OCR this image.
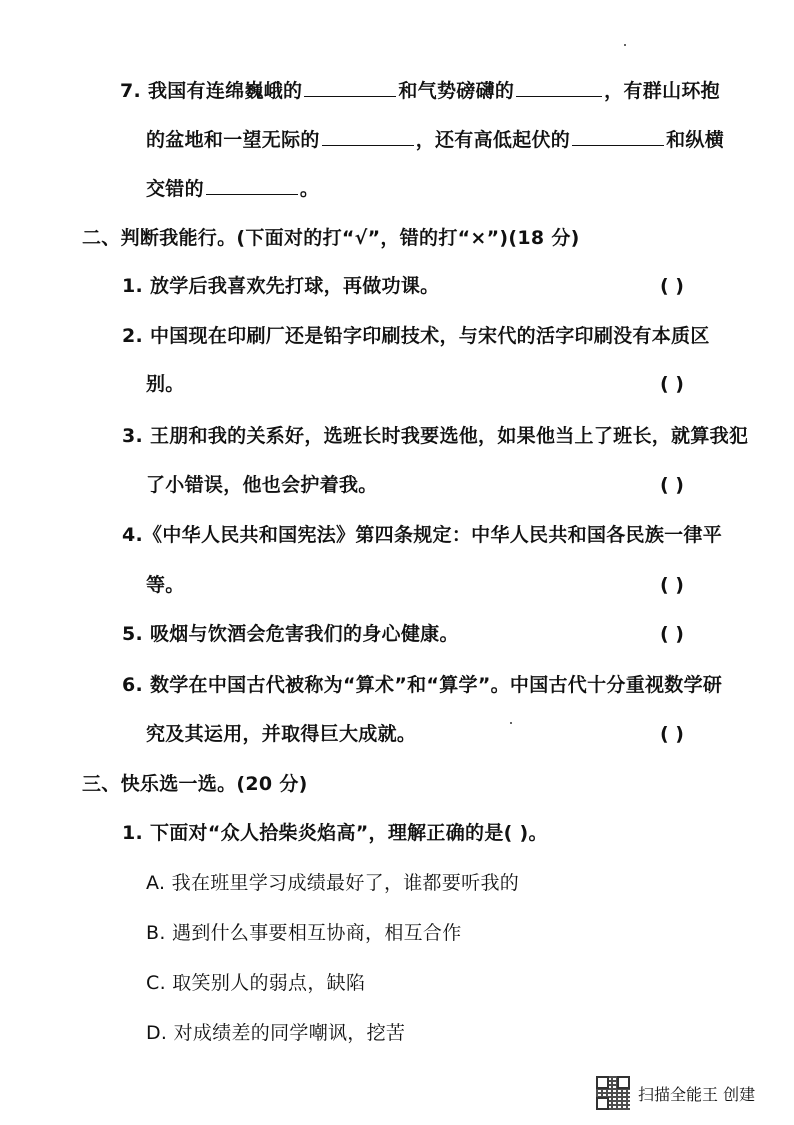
7. 我国有连绵巍峨的	和气势磅礴的	，有群山环抱
的盆地和一望无际的	，还有高低起伏的	和纵横
交错的	。
二、判断我能行。(下面对的打“√”，错的打“×”)(18 分)
1. 放学后我喜欢先打球，再做功课。	( )
2. 中国现在印刷厂还是铅字印刷技术，与宋代的活字印刷没有本质区
别。	( )
3. 王朋和我的关系好，选班长时我要选他，如果他当上了班长，就算我犯
了小错误，他也会护着我。	( )
4.《中华人民共和国宪法》第四条规定：中华人民共和国各民族一律平
等。	( )
5. 吸烟与饮酒会危害我们的身心健康。	( )
6. 数学在中国古代被称为“算术”和“算学”。中国古代十分重视数学研
究及其运用，并取得巨大成就。	( )
三、快乐选一选。(20 分)
1. 下面对“众人拾柴炎焰高”，理解正确的是( )。
A. 我在班里学习成绩最好了，谁都要听我的
B. 遇到什么事要相互协商，相互合作
C. 取笑别人的弱点，缺陷
D. 对成绩差的同学嘲讽，挖苦
扫描全能王 创建
